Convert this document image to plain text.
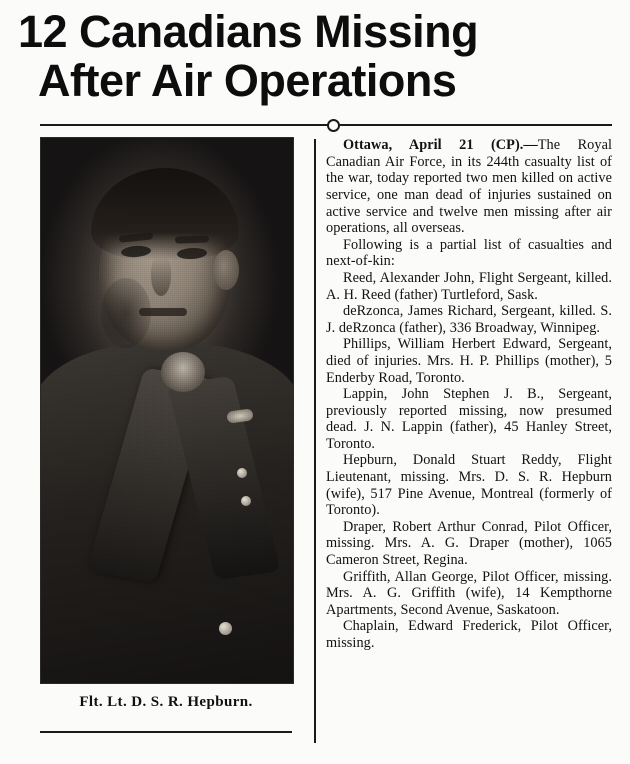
12 Canadians Missing
After Air Operations
Flt. Lt. D. S. R. Hepburn.

Ottawa, April 21 (CP).—The Royal Canadian Air Force, in its 244th casualty list of the war, today reported two men killed on active service, one man dead of injuries sustained on active service and twelve men missing after air operations, all overseas.

Following is a partial list of casualties and next-of-kin:

Reed, Alexander John, Flight Sergeant, killed. A. H. Reed (father) Turtleford, Sask.

deRzonca, James Richard, Sergeant, killed. S. J. deRzonca (father), 336 Broadway, Winnipeg.

Phillips, William Herbert Edward, Sergeant, died of injuries. Mrs. H. P. Phillips (mother), 5 Enderby Road, Toronto.

Lappin, John Stephen J. B., Sergeant, previously reported missing, now presumed dead. J. N. Lappin (father), 45 Hanley Street, Toronto.

Hepburn, Donald Stuart Reddy, Flight Lieutenant, missing. Mrs. D. S. R. Hepburn (wife), 517 Pine Avenue, Montreal (formerly of Toronto).

Draper, Robert Arthur Conrad, Pilot Officer, missing. Mrs. A. G. Draper (mother), 1065 Cameron Street, Regina.

Griffith, Allan George, Pilot Officer, missing. Mrs. A. G. Griffith (wife), 14 Kempthorne Apartments, Second Avenue, Saskatoon.

Chaplain, Edward Frederick, Pilot Officer, missing.
